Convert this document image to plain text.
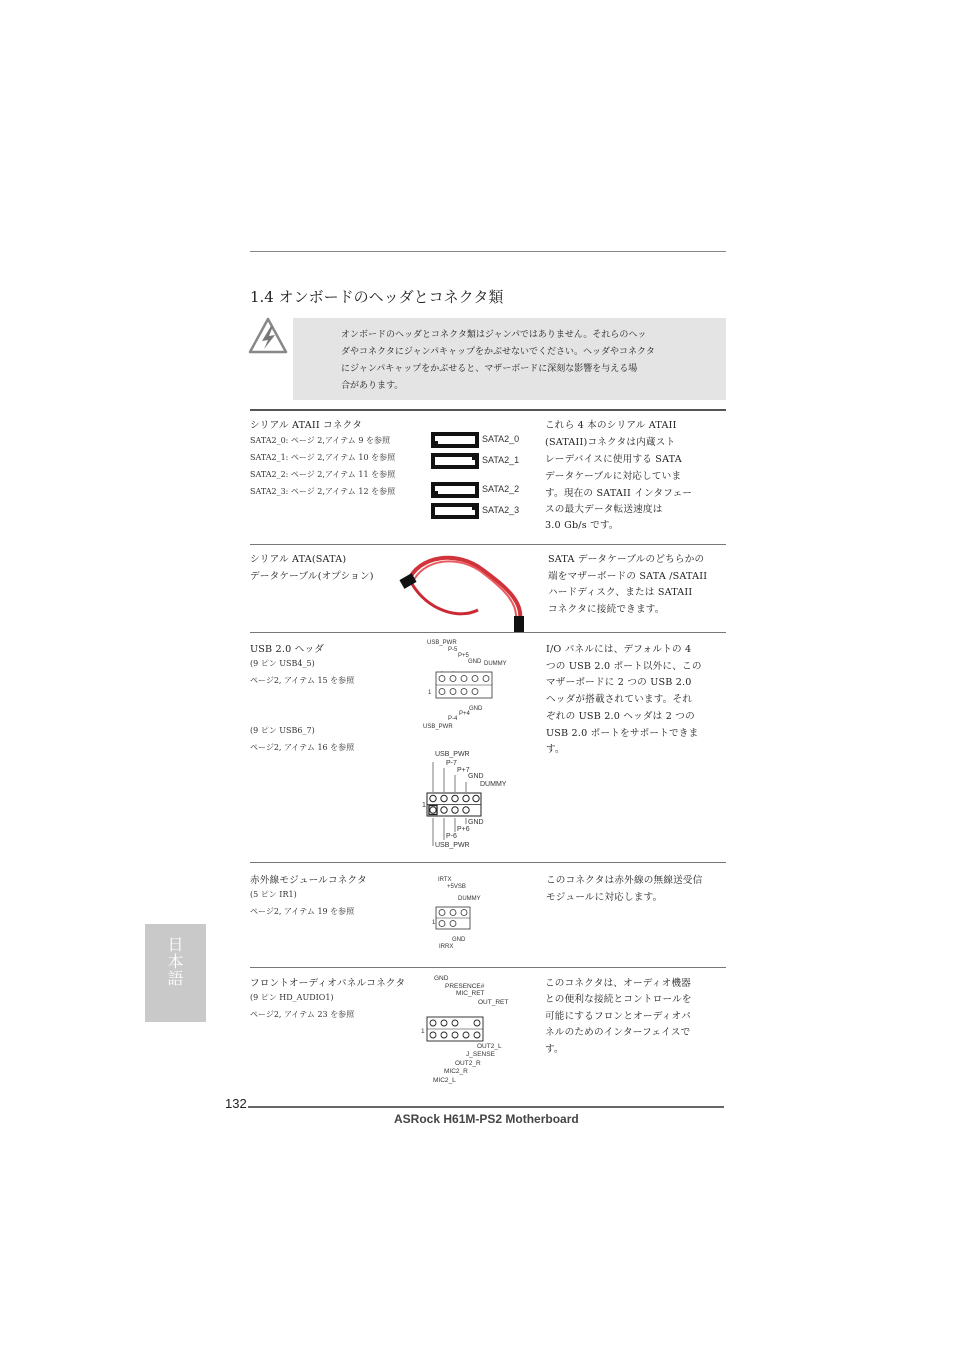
1.4 オンボードのヘッダとコネクタ類
オンボードのヘッダとコネクタ類はジャンパではありません。それらのヘッ
ダやコネクタにジャンパキャップをかぶせないでください。ヘッダやコネクタ
にジャンパキャップをかぶせると、マザーボードに深刻な影響を与える場
合があります。
シリアル ATAII コネクタ
SATA2_0: ページ 2,アイテム 9 を参照
SATA2_1: ページ 2,アイテム 10 を参照
SATA2_2: ページ 2,アイテム 11 を参照
SATA2_3: ページ 2,アイテム 12 を参照
SATA2_0
SATA2_1
SATA2_2
SATA2_3
これら 4 本のシリアル ATAII
(SATAII)コネクタは内蔵スト
レーデバイスに使用する SATA
データケーブルに対応していま
す。現在の SATAII インタフェー
スの最大データ転送速度は
3.0 Gb/s です。
シリアル ATA(SATA)
データケーブル(オプション)
SATA データケーブルのどちらかの
端をマザーボードの SATA /SATAII
ハードディスク、または SATAII
コネクタに接続できます。
USB 2.0 ヘッダ
(9 ピン USB4_5)
ページ2, アイテム 15 を参照
(9 ピン USB6_7)
ページ2, アイテム 16 を参照
USB_PWR
P-5
P+5
GND DUMMY
1
P+4
P-4
GND
USB_PWR
USB_PWR
P-7
P+7
GND
DUMMY
1
GND
P+6
P-6
USB_PWR
I/O パネルには、デフォルトの 4
つの USB 2.0 ポート以外に、この
マザーボードに 2 つの USB 2.0
ヘッダが搭載されています。それ
ぞれの USB 2.0 ヘッダは 2 つの
USB 2.0 ポートをサポートできま
す。
赤外線モジュールコネクタ
(5 ピン IR1)
ページ2, アイテム 19 を参照
IRTX
+5VSB
DUMMY
1
GND
IRRX
このコネクタは赤外線の無線送受信
モジュールに対応します。
フロントオーディオパネルコネクタ
(9 ピン HD_AUDIO1)
ページ2, アイテム 23 を参照
GND
PRESENCE#
MIC_RET
OUT_RET
1
OUT2_L
J_SENSE
OUT2_R
MIC2_R
MIC2_L
このコネクタは、オーディオ機器
との便利な接続とコントロールを
可能にするフロンとオーディオパ
ネルのためのインターフェイスで
す。
日本語
132
ASRock H61M-PS2 Motherboard
